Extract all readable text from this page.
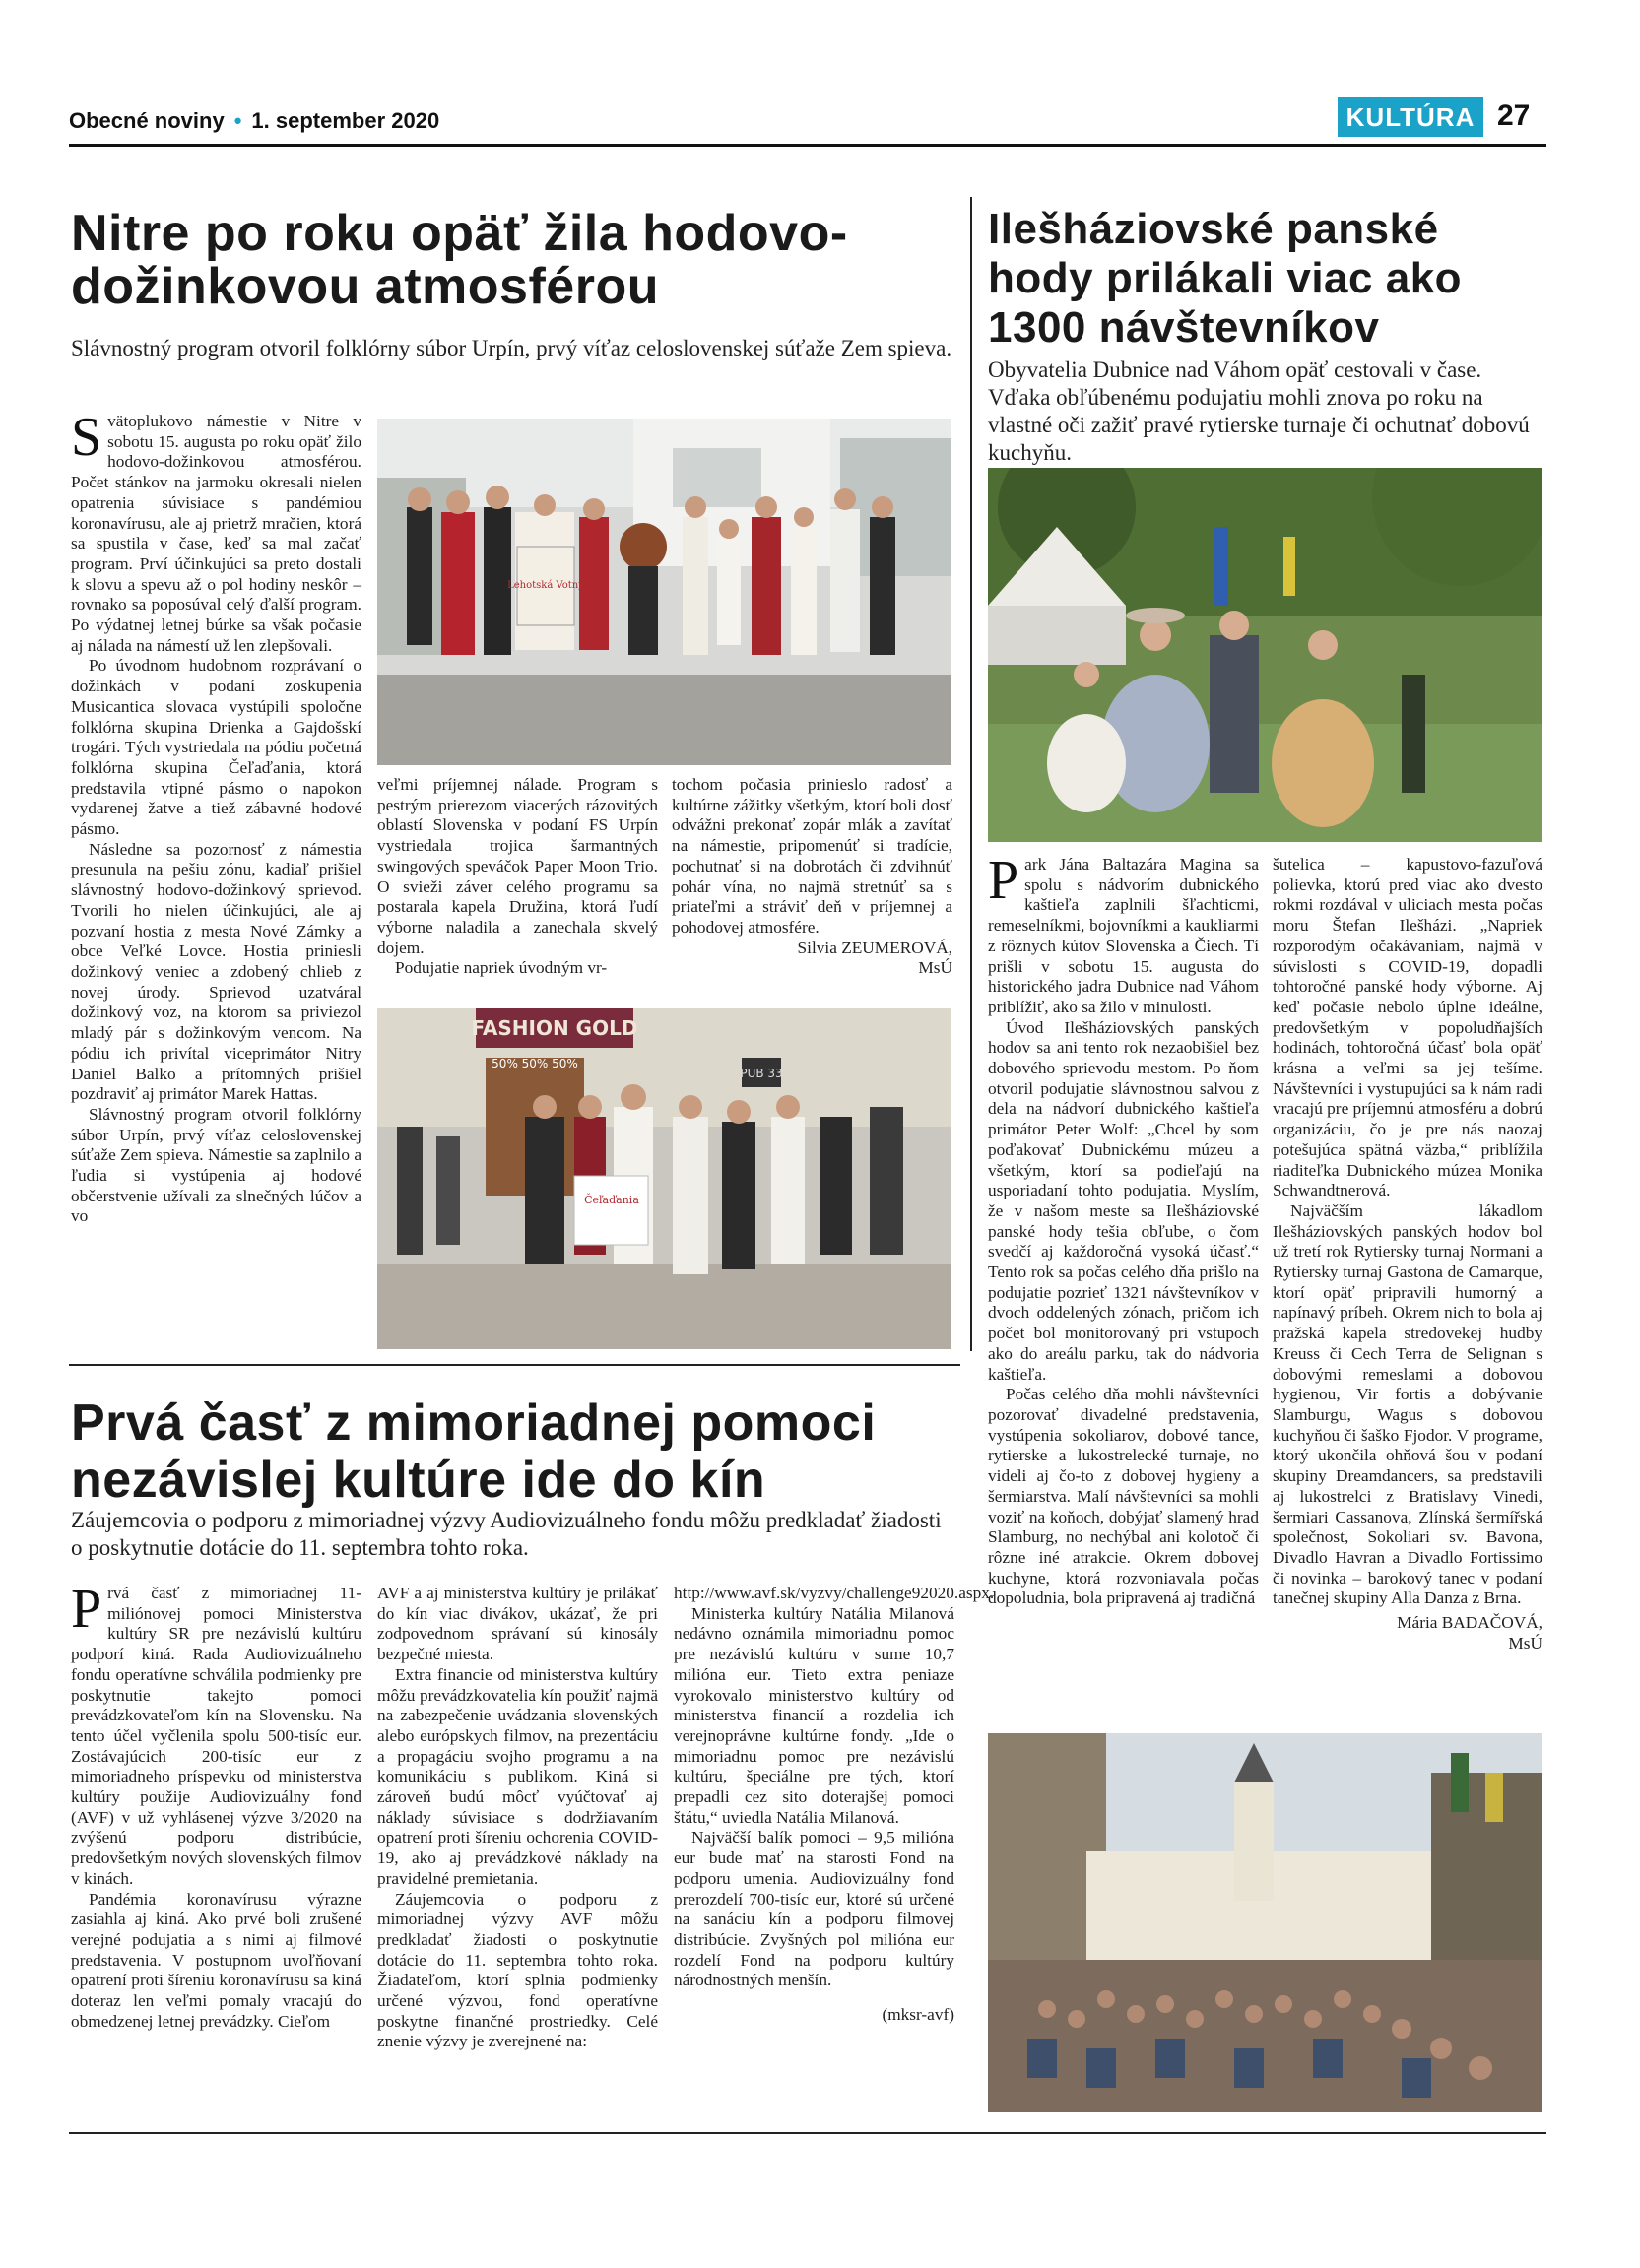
Obecné noviny • 1. september 2020	KULTÚRA 27
Nitre po roku opäť žila hodovo-dožinkovou atmosférou
Slávnostný program otvoril folklórny súbor Urpín, prvý víťaz celoslovenskej súťaže Zem spieva.

Svätoplukovo námestie v Nitre v sobotu 15. augusta po roku opäť žilo hodovo-dožinkovou atmosférou. Počet stánkov na jarmoku okresali nielen opatrenia súvisiace s pandémiou koronavírusu, ale aj prietrž mračien, ktorá sa spustila v čase, keď sa mal začať program. Prví účinkujúci sa preto dostali k slovu a spevu až o pol hodiny neskôr – rovnako sa poposúval celý ďalší program. Po výdatnej letnej búrke sa však počasie aj nálada na námestí už len zlepšovali.

Po úvodnom hudobnom rozprávaní o dožinkách v podaní zoskupenia Musicantica slovaca vystúpili spoločne folklórna skupina Drienka a Gajdošskí trogári. Tých vystriedala na pódiu početná folklórna skupina Čeľaďania, ktorá predstavila vtipné pásmo o napokon vydarenej žatve a tiež zábavné hodové pásmo.

Následne sa pozornosť z námestia presunula na pešiu zónu, kadiaľ prišiel slávnostný hodovo-dožinkový sprievod. Tvorili ho nielen účinkujúci, ale aj pozvaní hostia z mesta Nové Zámky a obce Veľké Lovce. Hostia priniesli dožinkový veniec a zdobený chlieb z novej úrody. Sprievod uzatváral dožinkový voz, na ktorom sa priviezol mladý pár s dožinkovým vencom. Na pódiu ich privítal viceprimátor Nitry Daniel Balko a prítomných prišiel pozdraviť aj primátor Marek Hattas.

Slávnostný program otvoril folklórny súbor Urpín, prvý víťaz celoslovenskej súťaže Zem spieva. Námestie sa zaplnilo a ľudia si vystúpenia aj hodové občerstvenie užívali za slnečných lúčov a vo

Lehotská Votny

veľmi príjemnej nálade. Program s pestrým prierezom viacerých rázovitých oblastí Slovenska v podaní FS Urpín vystriedala trojica šarmantných swingových speváčok Paper Moon Trio. O svieži záver celého programu sa postarala kapela Družina, ktorá ľudí výborne naladila a zanechala skvelý dojem.

Podujatie napriek úvodným vr-

tochom počasia prinieslo radosť a kultúrne zážitky všetkým, ktorí boli dosť odvážni prekonať zopár mlák a zavítať na námestie, pripomenúť si tradície, pochutnať si na dobrotách či zdvihnúť pohár vína, no najmä stretnúť sa s priateľmi a stráviť deň v príjemnej a pohodovej atmosfére.

Silvia ZEUMEROVÁ,

MsÚ

FASHION GOLD
50% 50% 50%
PUB 33
Čeľaďania
Prvá časť z mimoriadnej pomoci nezávislej kultúre ide do kín
Záujemcovia o podporu z mimoriadnej výzvy Audiovizuálneho fondu môžu predkladať žiadosti o poskytnutie dotácie do 11. septembra tohto roka.

Prvá časť z mimoriadnej 11-miliónovej pomoci Ministerstva kultúry SR pre nezávislú kultúru podporí kiná. Rada Audiovizuálneho fondu operatívne schválila podmienky pre poskytnutie takejto pomoci prevádzkovateľom kín na Slovensku. Na tento účel vyčlenila spolu 500-tisíc eur. Zostávajúcich 200-tisíc eur z mimoriadneho príspevku od ministerstva kultúry použije Audiovizuálny fond (AVF) v už vyhlásenej výzve 3/2020 na zvýšenú podporu distribúcie, predovšetkým nových slovenských filmov v kinách.

Pandémia koronavírusu výrazne zasiahla aj kiná. Ako prvé boli zrušené verejné podujatia a s nimi aj filmové predstavenia. V postupnom uvoľňovaní opatrení proti šíreniu koronavírusu sa kiná doteraz len veľmi pomaly vracajú do obmedzenej letnej prevádzky. Cieľom

AVF a aj ministerstva kultúry je prilákať do kín viac divákov, ukázať, že pri zodpovednom správaní sú kinosály bezpečné miesta.

Extra financie od ministerstva kultúry môžu prevádzkovatelia kín použiť najmä na zabezpečenie uvádzania slovenských alebo európskych filmov, na prezentáciu a propagáciu svojho programu a na komunikáciu s publikom. Kiná si zároveň budú môcť vyúčtovať aj náklady súvisiace s dodržiavaním opatrení proti šíreniu ochorenia COVID-19, ako aj prevádzkové náklady na pravidelné premietania.

Záujemcovia o podporu z mimoriadnej výzvy AVF môžu predkladať žiadosti o poskytnutie dotácie do 11. septembra tohto roka. Žiadateľom, ktorí splnia podmienky určené výzvou, fond operatívne poskytne finančné prostriedky. Celé znenie výzvy je zverejnené na:

http://www.avf.sk/vyzvy/challenge92020.aspx.

Ministerka kultúry Natália Milanová nedávno oznámila mimoriadnu pomoc pre nezávislú kultúru v sume 10,7 milióna eur. Tieto extra peniaze vyrokovalo ministerstvo kultúry od ministerstva financií a rozdelia ich verejnoprávne kultúrne fondy. „Ide o mimoriadnu pomoc pre nezávislú kultúru, špeciálne pre tých, ktorí prepadli cez sito doterajšej pomoci štátu,“ uviedla Natália Milanová.

Najväčší balík pomoci – 9,5 milióna eur bude mať na starosti Fond na podporu umenia. Audiovizuálny fond prerozdelí 700-tisíc eur, ktoré sú určené na sanáciu kín a podporu filmovej distribúcie. Zvyšných pol milióna eur rozdelí Fond na podporu kultúry národnostných menšín.

(mksr-avf)

Ilešháziovské panské hody prilákali viac ako 1300 návštevníkov
Obyvatelia Dubnice nad Váhom opäť cestovali v čase. Vďaka obľúbenému podujatiu mohli znova po roku na vlastné oči zažiť pravé rytierske turnaje či ochutnať dobovú kuchyňu.

Park Jána Baltazára Magina sa spolu s nádvorím dubnického kaštieľa zaplnili šľachticmi, remeselníkmi, bojovníkmi a kaukliarmi z rôznych kútov Slovenska a Čiech. Tí prišli v sobotu 15. augusta do historického jadra Dubnice nad Váhom priblížiť, ako sa žilo v minulosti.

Úvod Ilešháziovských panských hodov sa ani tento rok nezaobišiel bez dobového sprievodu mestom. Po ňom otvoril podujatie slávnostnou salvou z dela na nádvorí dubnického kaštieľa primátor Peter Wolf: „Chcel by som poďakovať Dubnickému múzeu a všetkým, ktorí sa podieľajú na usporiadaní tohto podujatia. Myslím, že v našom meste sa Ilešháziovské panské hody tešia obľube, o čom svedčí aj každoročná vysoká účasť.“ Tento rok sa počas celého dňa prišlo na podujatie pozrieť 1321 návštevníkov v dvoch oddelených zónach, pričom ich počet bol monitorovaný pri vstupoch ako do areálu parku, tak do nádvoria kaštieľa.

Počas celého dňa mohli návštevníci pozorovať divadelné predstavenia, vystúpenia sokoliarov, dobové tance, rytierske a lukostrelecké turnaje, no videli aj čo-to z dobovej hygieny a šermiarstva. Malí návštevníci sa mohli voziť na koňoch, dobýjať slamený hrad Slamburg, no nechýbal ani kolotoč či rôzne iné atrakcie. Okrem dobovej kuchyne, ktorá rozvoniavala počas dopoludnia, bola pripravená aj tradičná

šutelica – kapustovo-fazuľová polievka, ktorú pred viac ako dvesto rokmi rozdával v uliciach mesta počas moru Štefan Ilešházi. „Napriek rozporodým očakávaniam, najmä v súvislosti s COVID-19, dopadli tohtoročné panské hody výborne. Aj keď počasie nebolo úplne ideálne, predovšetkým v popoludňajších hodinách, tohtoročná účasť bola opäť krásna a veľmi sa jej tešíme. Návštevníci i vystupujúci sa k nám radi vracajú pre príjemnú atmosféru a dobrú organizáciu, čo je pre nás naozaj potešujúca spätná väzba,“ priblížila riaditeľka Dubnického múzea Monika Schwandtnerová.

Najväčším lákadlom Ilešháziovských panských hodov bol už tretí rok Rytiersky turnaj Normani a Rytiersky turnaj Gastona de Camarque, ktorí opäť pripravili humorný a napínavý príbeh. Okrem nich to bola aj pražská kapela stredovekej hudby Kreuss či Cech Terra de Selignan s dobovými remeslami a dobovou hygienou, Vir fortis a dobývanie Slamburgu, Wagus s dobovou kuchyňou či šaško Fjodor. V programe, ktorý ukončila ohňová šou v podaní skupiny Dreamdancers, sa predstavili aj lukostrelci z Bratislavy Vinedi, šermiari Cassanova, Zlínská šermířská společnost, Sokoliari sv. Bavona, Divadlo Havran a Divadlo Fortissimo či novinka – barokový tanec v podaní tanečnej skupiny Alla Danza z Brna.

Mária BADAČOVÁ,

MsÚ
